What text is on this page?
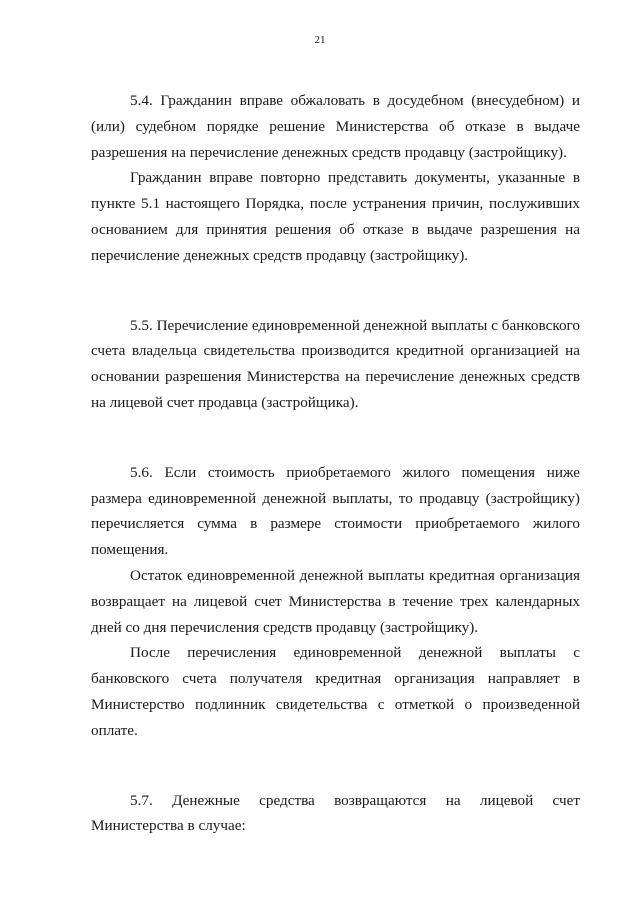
21

5.4. Гражданин вправе обжаловать в досудебном (внесудебном) и (или) судебном порядке решение Министерства об отказе в выдаче разрешения на перечисление денежных средств продавцу (застройщику).

Гражданин вправе повторно представить документы, указанные в пункте 5.1 настоящего Порядка, после устранения причин, послуживших основанием для принятия решения об отказе в выдаче разрешения на перечисление денежных средств продавцу (застройщику).

5.5. Перечисление единовременной денежной выплаты с банковского счета владельца свидетельства производится кредитной организацией на основании разрешения Министерства на перечисление денежных средств на лицевой счет продавца (застройщика).

5.6. Если стоимость приобретаемого жилого помещения ниже размера единовременной денежной выплаты, то продавцу (застройщику) перечисляется сумма в размере стоимости приобретаемого жилого помещения.

Остаток единовременной денежной выплаты кредитная организация возвращает на лицевой счет Министерства в течение трех календарных дней со дня перечисления средств продавцу (застройщику).

После перечисления единовременной денежной выплаты с банковского счета получателя кредитная организация направляет в Министерство подлинник свидетельства с отметкой о произведенной оплате.

5.7. Денежные средства возвращаются на лицевой счет Министерства в случае:
